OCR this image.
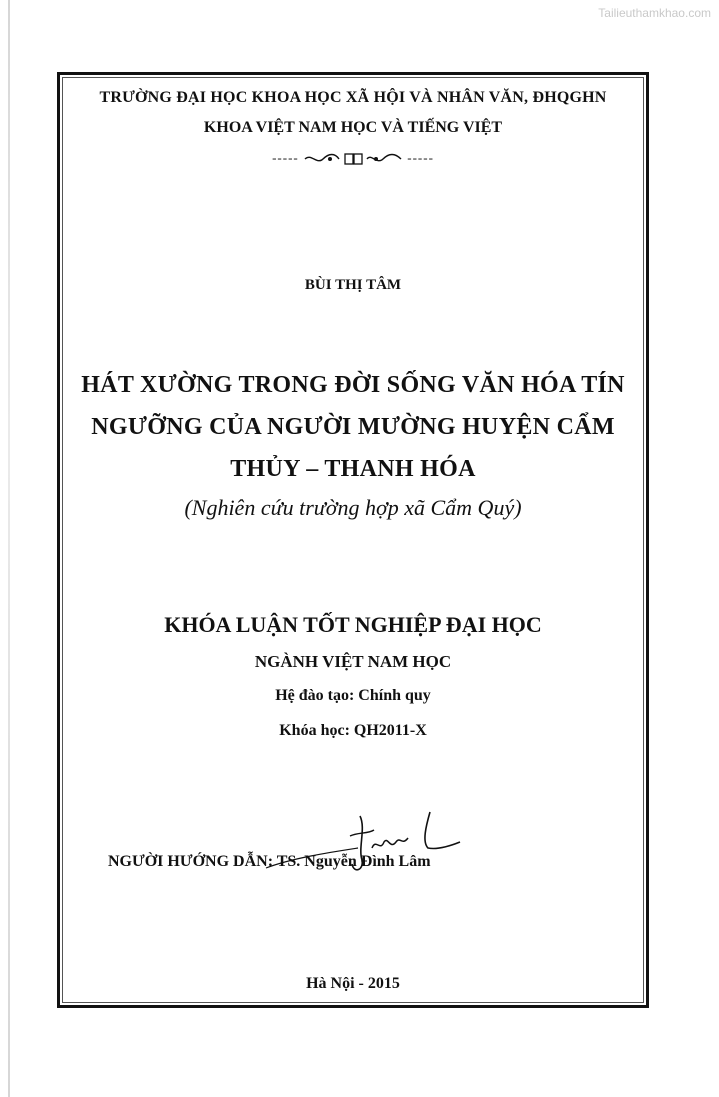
Tailieuthamkhao.com
TRƯỜNG ĐẠI HỌC KHOA HỌC XÃ HỘI VÀ NHÂN VĂN, ĐHQGHN
KHOA VIỆT NAM HỌC VÀ TIẾNG VIỆT
-----	-----
BÙI THỊ TÂM
HÁT XƯỜNG TRONG ĐỜI SỐNG VĂN HÓA TÍN
NGƯỠNG CỦA NGƯỜI MƯỜNG HUYỆN CẨM
THỦY – THANH HÓA
(Nghiên cứu trường hợp xã Cẩm Quý)
KHÓA LUẬN TỐT NGHIỆP ĐẠI HỌC
NGÀNH VIỆT NAM HỌC
Hệ đào tạo: Chính quy
Khóa học: QH2011-X
NGƯỜI HƯỚNG DẪN: TS. Nguyễn Đình Lâm
Hà Nội - 2015
